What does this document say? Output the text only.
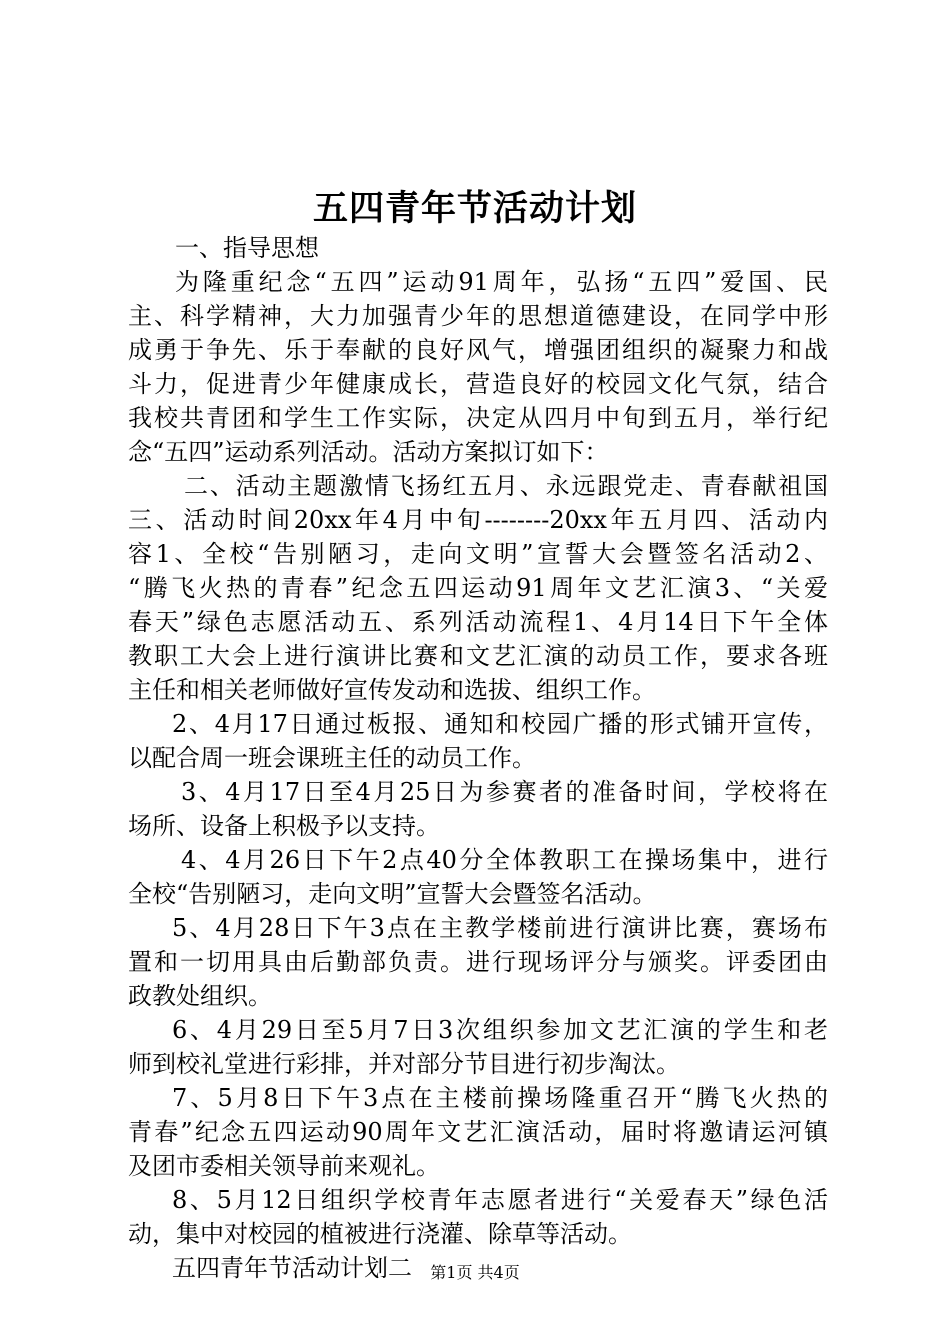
五四青年节活动计划
一、指导思想
为隆重纪念“五四”运动91周年，弘扬“五四”爱国、民
主、科学精神，大力加强青少年的思想道德建设，在同学中形
成勇于争先、乐于奉献的良好风气，增强团组织的凝聚力和战
斗力，促进青少年健康成长，营造良好的校园文化气氛，结合
我校共青团和学生工作实际，决定从四月中旬到五月，举行纪
念“五四”运动系列活动。活动方案拟订如下：
二、活动主题激情飞扬红五月、永远跟党走、青春献祖国
三、活动时间20xx年4月中旬--------20xx年五月四、活动内
容1、全校“告别陋习，走向文明”宣誓大会暨签名活动2、
“腾飞火热的青春”纪念五四运动91周年文艺汇演3、“关爱
春天”绿色志愿活动五、系列活动流程1、4月14日下午全体
教职工大会上进行演讲比赛和文艺汇演的动员工作，要求各班
主任和相关老师做好宣传发动和选拔、组织工作。
2、4月17日通过板报、通知和校园广播的形式铺开宣传，
以配合周一班会课班主任的动员工作。
3、4月17日至4月25日为参赛者的准备时间，学校将在
场所、设备上积极予以支持。
4、4月26日下午2点40分全体教职工在操场集中，进行
全校“告别陋习，走向文明”宣誓大会暨签名活动。
5、4月28日下午3点在主教学楼前进行演讲比赛，赛场布
置和一切用具由后勤部负责。进行现场评分与颁奖。评委团由
政教处组织。
6、4月29日至5月7日3次组织参加文艺汇演的学生和老
师到校礼堂进行彩排，并对部分节目进行初步淘汰。
7、5月8日下午3点在主楼前操场隆重召开“腾飞火热的
青春”纪念五四运动90周年文艺汇演活动，届时将邀请运河镇
及团市委相关领导前来观礼。
8、5月12日组织学校青年志愿者进行“关爱春天”绿色活
动，集中对校园的植被进行浇灌、除草等活动。
五四青年节活动计划二	第1页 共4页
